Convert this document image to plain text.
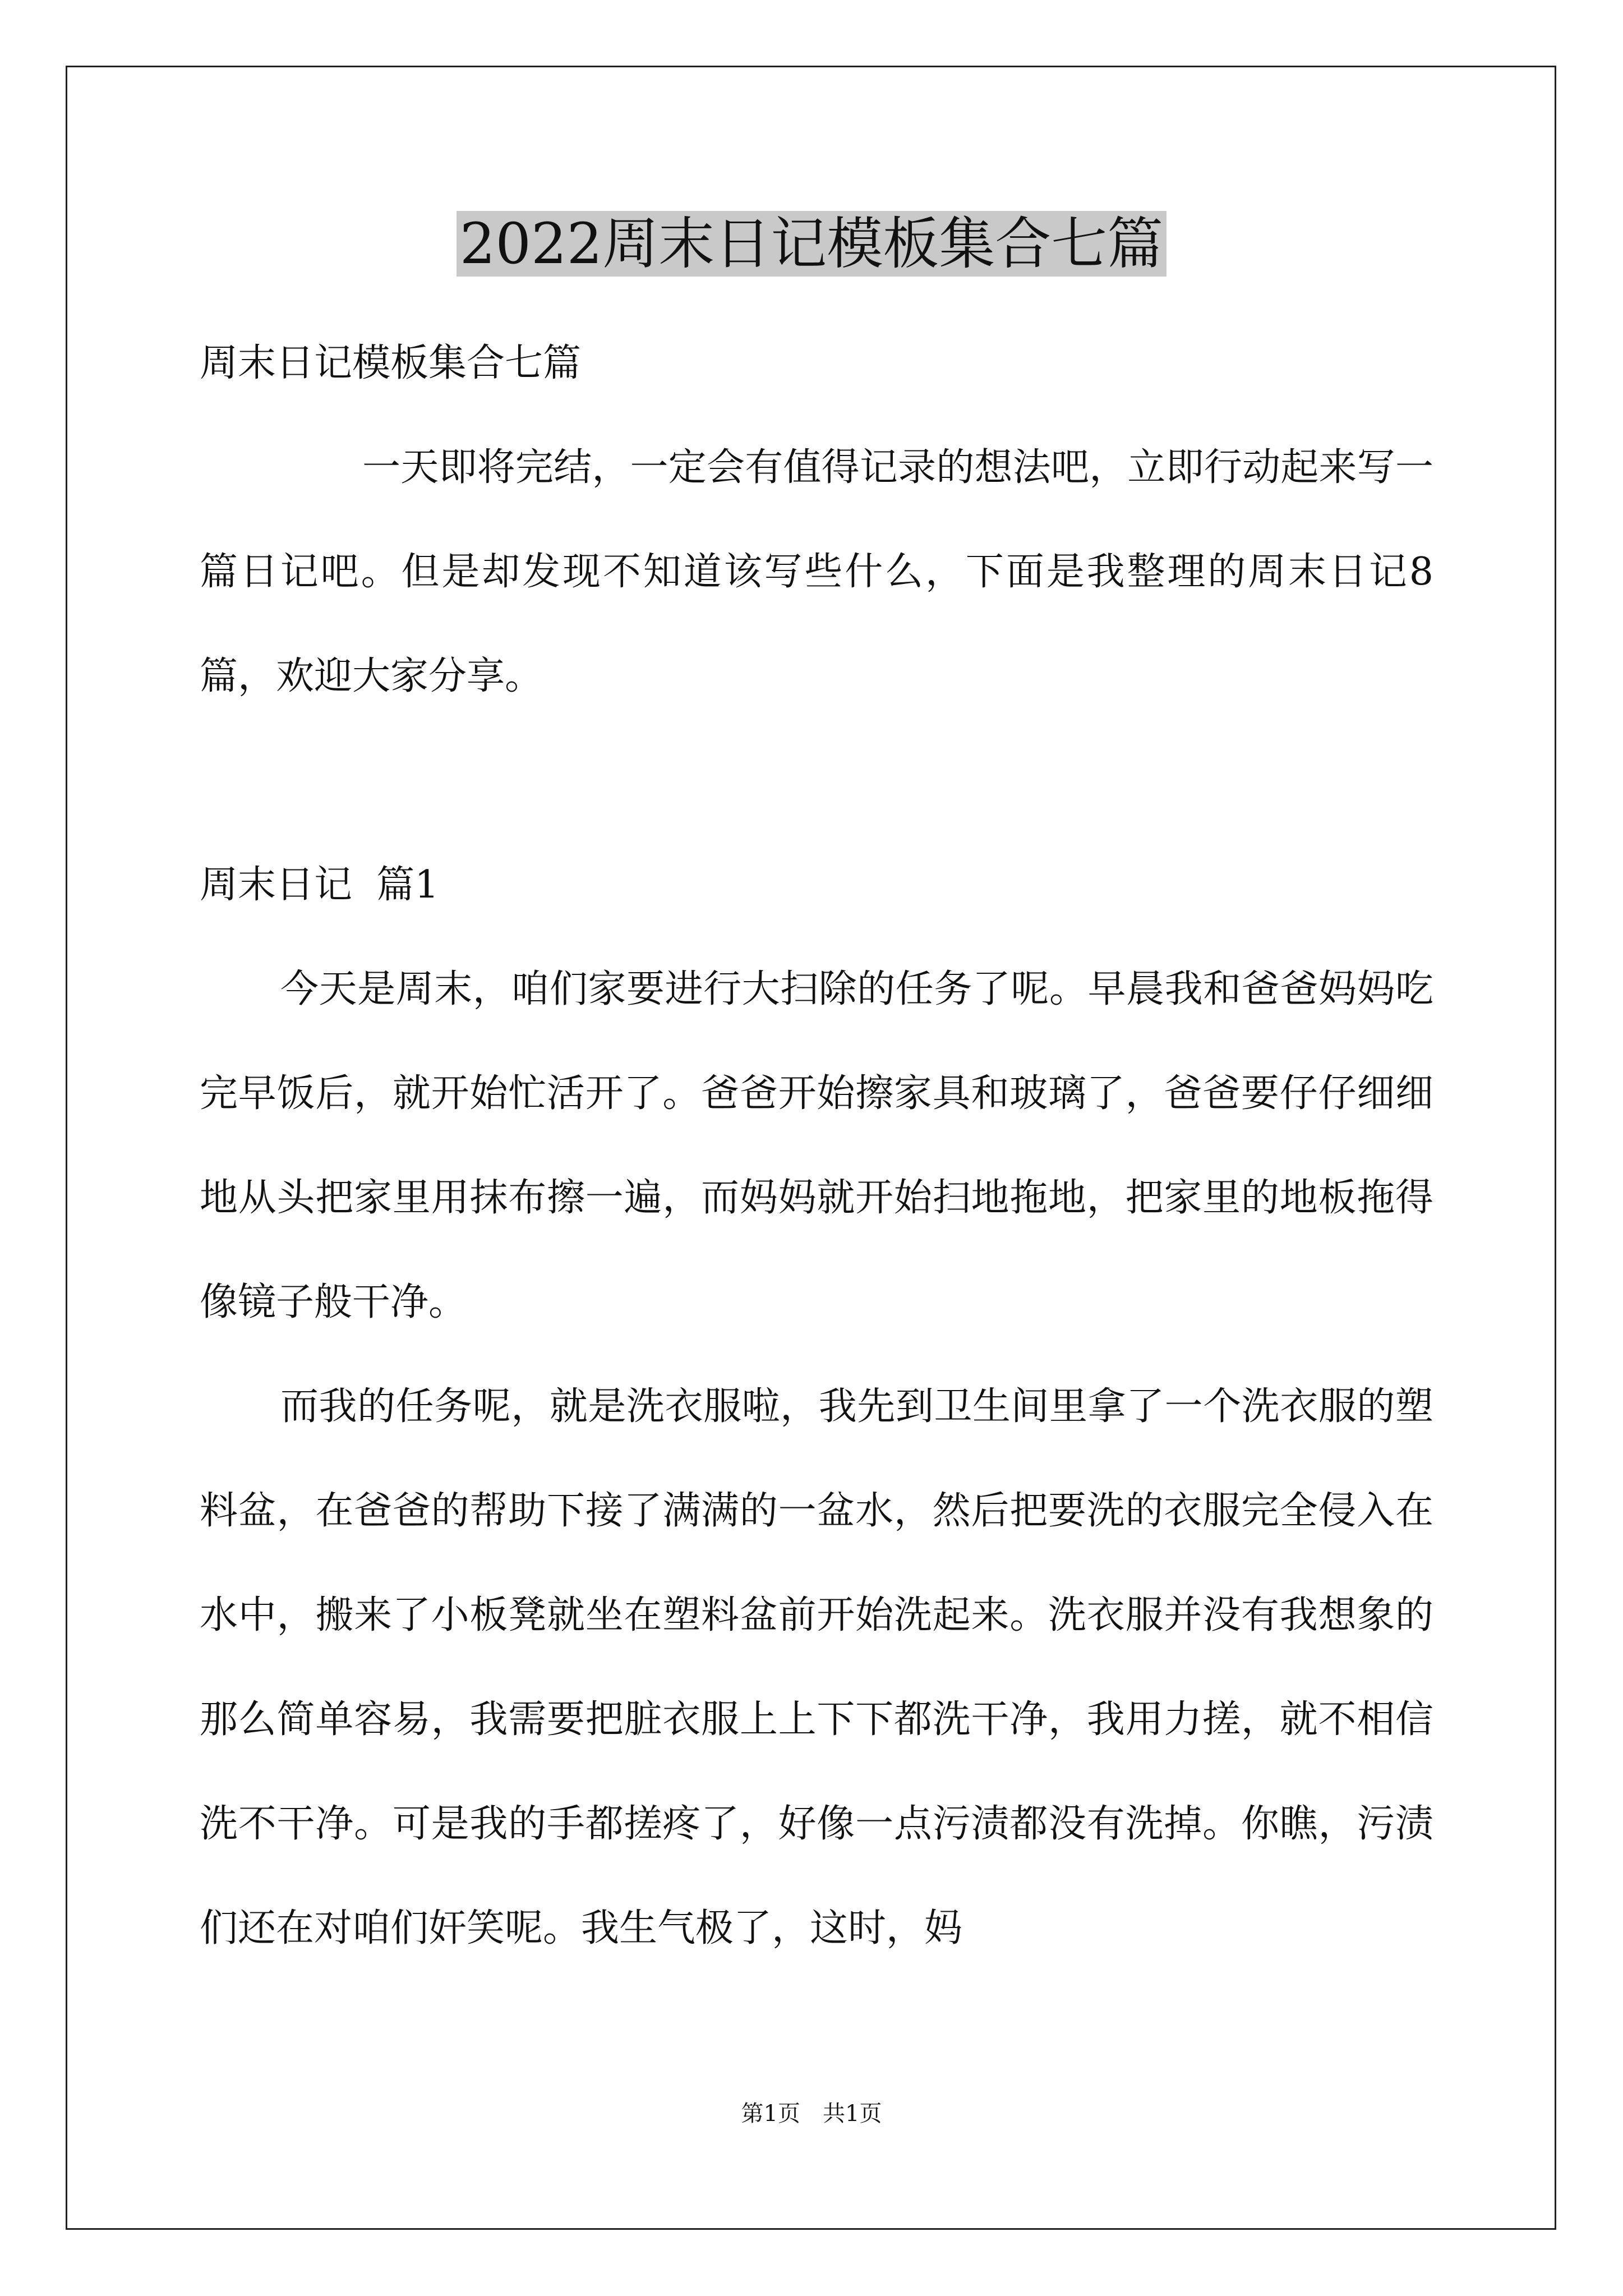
2022周末日记模板集合七篇

周末日记模板集合七篇

一天即将完结，一定会有值得记录的想法吧，立即行动起来写一篇日记吧。但是却发现不知道该写些什么，下面是我整理的周末日记8篇，欢迎大家分享。

周末日记  篇1

今天是周末，咱们家要进行大扫除的任务了呢。早晨我和爸爸妈妈吃完早饭后，就开始忙活开了。爸爸开始擦家具和玻璃了，爸爸要仔仔细细地从头把家里用抹布擦一遍，而妈妈就开始扫地拖地，把家里的地板拖得像镜子般干净。

而我的任务呢，就是洗衣服啦，我先到卫生间里拿了一个洗衣服的塑料盆，在爸爸的帮助下接了满满的一盆水，然后把要洗的衣服完全侵入在水中，搬来了小板凳就坐在塑料盆前开始洗起来。洗衣服并没有我想象的那么简单容易，我需要把脏衣服上上下下都洗干净，我用力搓，就不相信洗不干净。可是我的手都搓疼了，好像一点污渍都没有洗掉。你瞧，污渍们还在对咱们奸笑呢。我生气极了，这时，妈

第1页 共1页
